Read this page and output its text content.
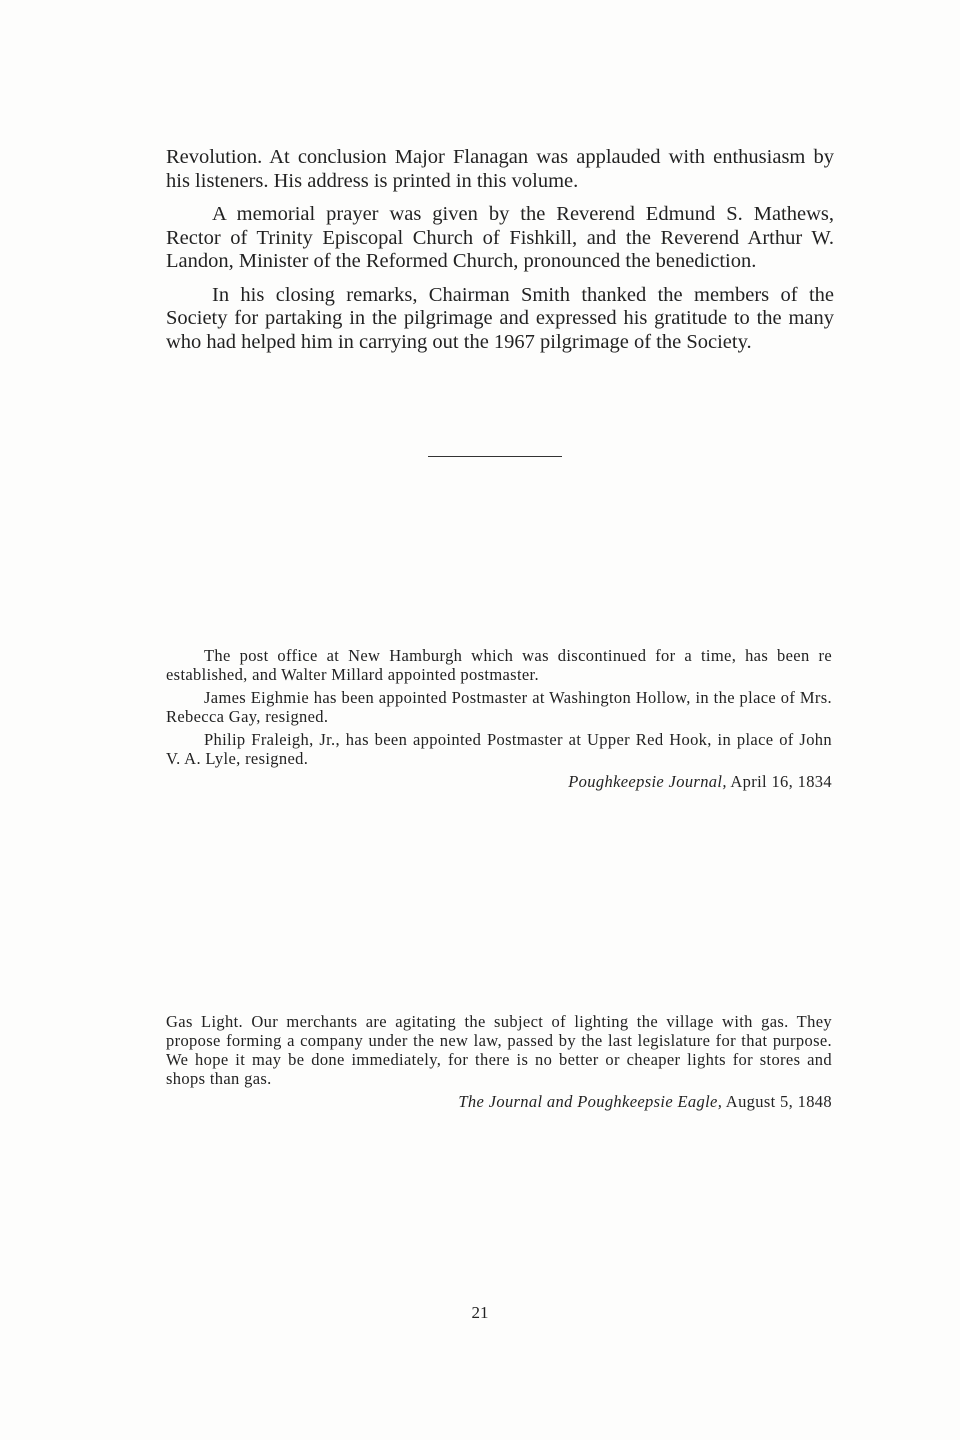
Revolution. At conclusion Major Flanagan was applauded with enthusiasm by his listeners. His address is printed in this volume.

A memorial prayer was given by the Reverend Edmund S. Mathews, Rector of Trinity Episcopal Church of Fishkill, and the Reverend Arthur W. Landon, Minister of the Reformed Church, pronounced the benediction.

In his closing remarks, Chairman Smith thanked the members of the Society for partaking in the pilgrimage and expressed his gratitude to the many who had helped him in carrying out the 1967 pilgrimage of the Society.

The post office at New Hamburgh which was discontinued for a time, has been re established, and Walter Millard appointed postmaster.

James Eighmie has been appointed Postmaster at Washington Hollow, in the place of Mrs. Rebecca Gay, resigned.

Philip Fraleigh, Jr., has been appointed Postmaster at Upper Red Hook, in place of John V. A. Lyle, resigned.

Poughkeepsie Journal, April 16, 1834

Gas Light. Our merchants are agitating the subject of lighting the village with gas. They propose forming a company under the new law, passed by the last legislature for that purpose. We hope it may be done immediately, for there is no better or cheaper lights for stores and shops than gas.

The Journal and Poughkeepsie Eagle, August 5, 1848
21
